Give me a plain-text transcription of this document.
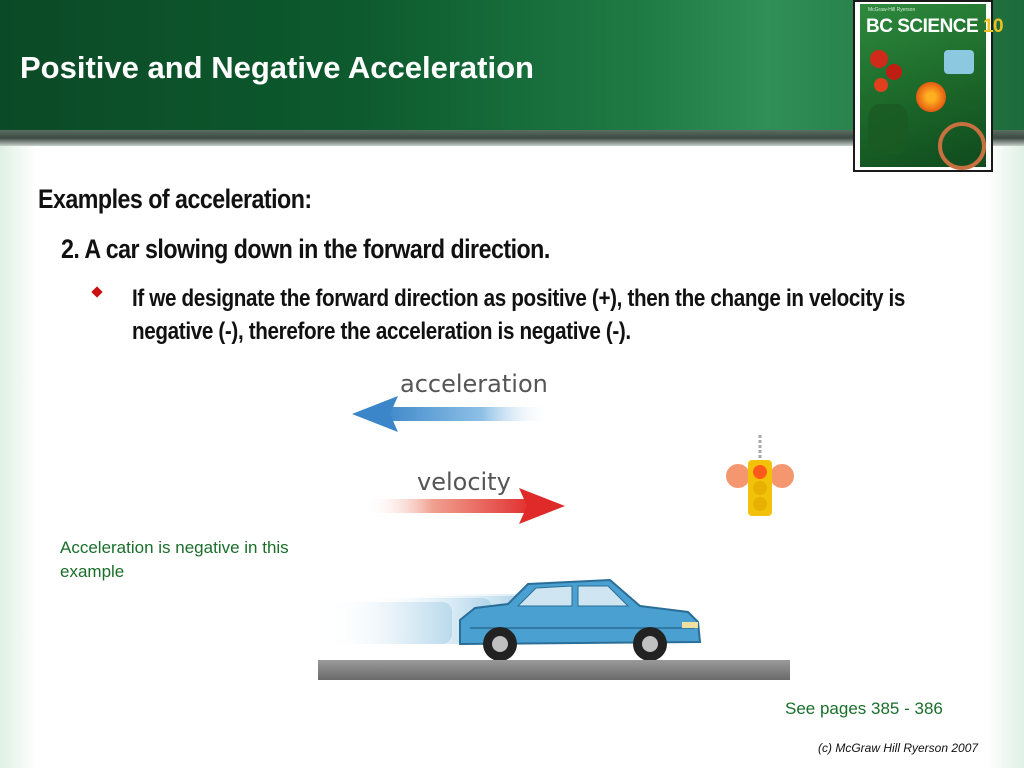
Positive and Negative Acceleration
McGraw-Hill Ryerson
BC SCIENCE 10
Examples of acceleration:
2. A car slowing down in the forward direction.
If we designate the forward direction as positive (+), then the change in velocity is negative (-), therefore the acceleration is negative (-).
acceleration
velocity
Acceleration is negative in this example
See pages 385 - 386
(c) McGraw Hill Ryerson 2007
